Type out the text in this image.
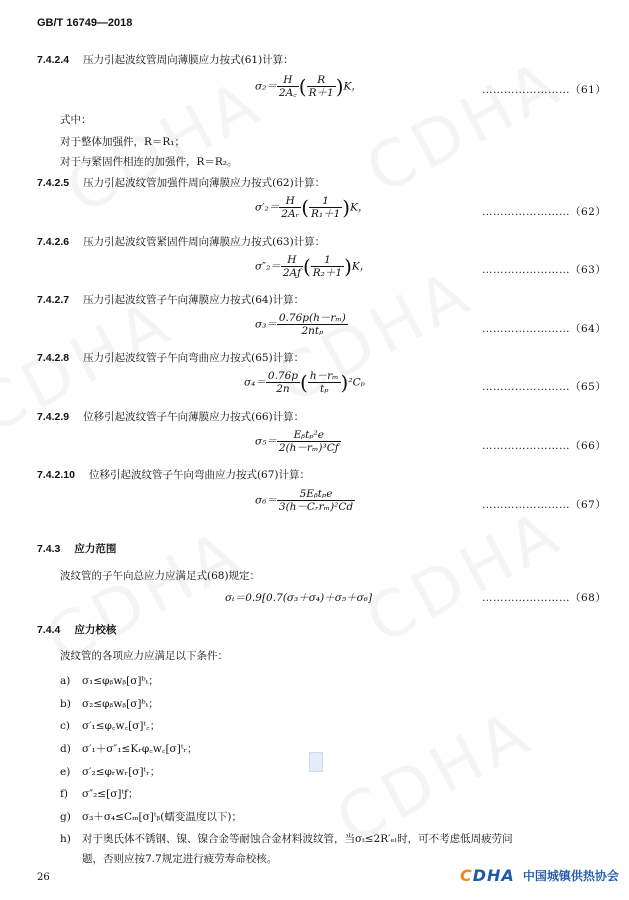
GB/T 16749—2018
7.4.2.4 压力引起波纹管周向薄膜应力按式(61)计算：
$\sigma_2= \frac{H}{2A꜀}$ ( $\frac{R}{R+1} )K$，	……………………（61）
式中：
对于整体加强件，R＝R₁；
对于与紧固件相连的加强件，R＝R₂。
7.4.2.5 压力引起波纹管加强件周向薄膜应力按式(62)计算：
$\sigma'_2= \frac{H}{\text{2Aᵣ}}$ ( $\frac{1}{\text{R₁＋1}} )K$，	……………………（62）
7.4.2.6 压力引起波纹管紧固件周向薄膜应力按式(63)计算：
$\sigma''_2= \frac{H}{2Aƒ}$ ( $\frac{1}{\text{R₂＋1}} )K$，	……………………（63）
7.4.2.7 压力引起波纹管子午向薄膜应力按式(64)计算：
$\sigma_3= \frac{\text{0.76p(h－rₘ)}}{\text{2ntₚ}}$	……………………（64）
7.4.2.8 压力引起波纹管子午向弯曲应力按式(65)计算：
$\sigma_4= \frac{0.76p}{2n}$ ( $\frac{\text{h－rₘ}}{\text{tₚ}} )^2C_p$	……………………（65）
7.4.2.9 位移引起波纹管子午向薄膜应力按式(66)计算：
$\sigma_5= \frac{\text{Eᵦtₚ²e}}{\text{2(h－rₘ)³Cƒ}}$	……………………（66）
7.4.2.10 位移引起波纹管子午向弯曲应力按式(67)计算：
$\sigma_6= \frac{\text{5Eᵦtₚe}}{\text{3(h－Cᵣrₘ)²Cd}}$	……………………（67）
7.4.3 应力范围
波纹管的子午向总应力应满足式(68)规定：
σₜ＝0.9[0.7(σ₃＋σ₄)＋σ₅＋σ₆]	……………………（68）
7.4.4 应力校核
波纹管的各项应力应满足以下条件：
a) σ₁≤φᵦwᵦ[σ]ᵇₜ；
b) σ₂≤φᵦwᵦ[σ]ᵇₜ；
c) σ′₁≤φ꜀w꜀[σ]ᵗ꜀；
d) σ′₁＋σ″₁≤Kᵣφ꜀w꜀[σ]ᵗᵣ；
e) σ′₂≤φᵣwᵣ[σ]ᵗᵣ；
f) σ″₂≤[σ]ᵗƒ；
g) σ₃＋σ₄≤Cₘ[σ]ᵗᵦ(蠕变温度以下)；
h) 对于奥氏体不锈钢、镍、镍合金等耐蚀合金材料波纹管，当σₜ≤2R′ₑₗ时，可不考虑低周疲劳问
题，否则应按7.7规定进行疲劳寿命校核。
26	CDHA 中国城镇供热协会
